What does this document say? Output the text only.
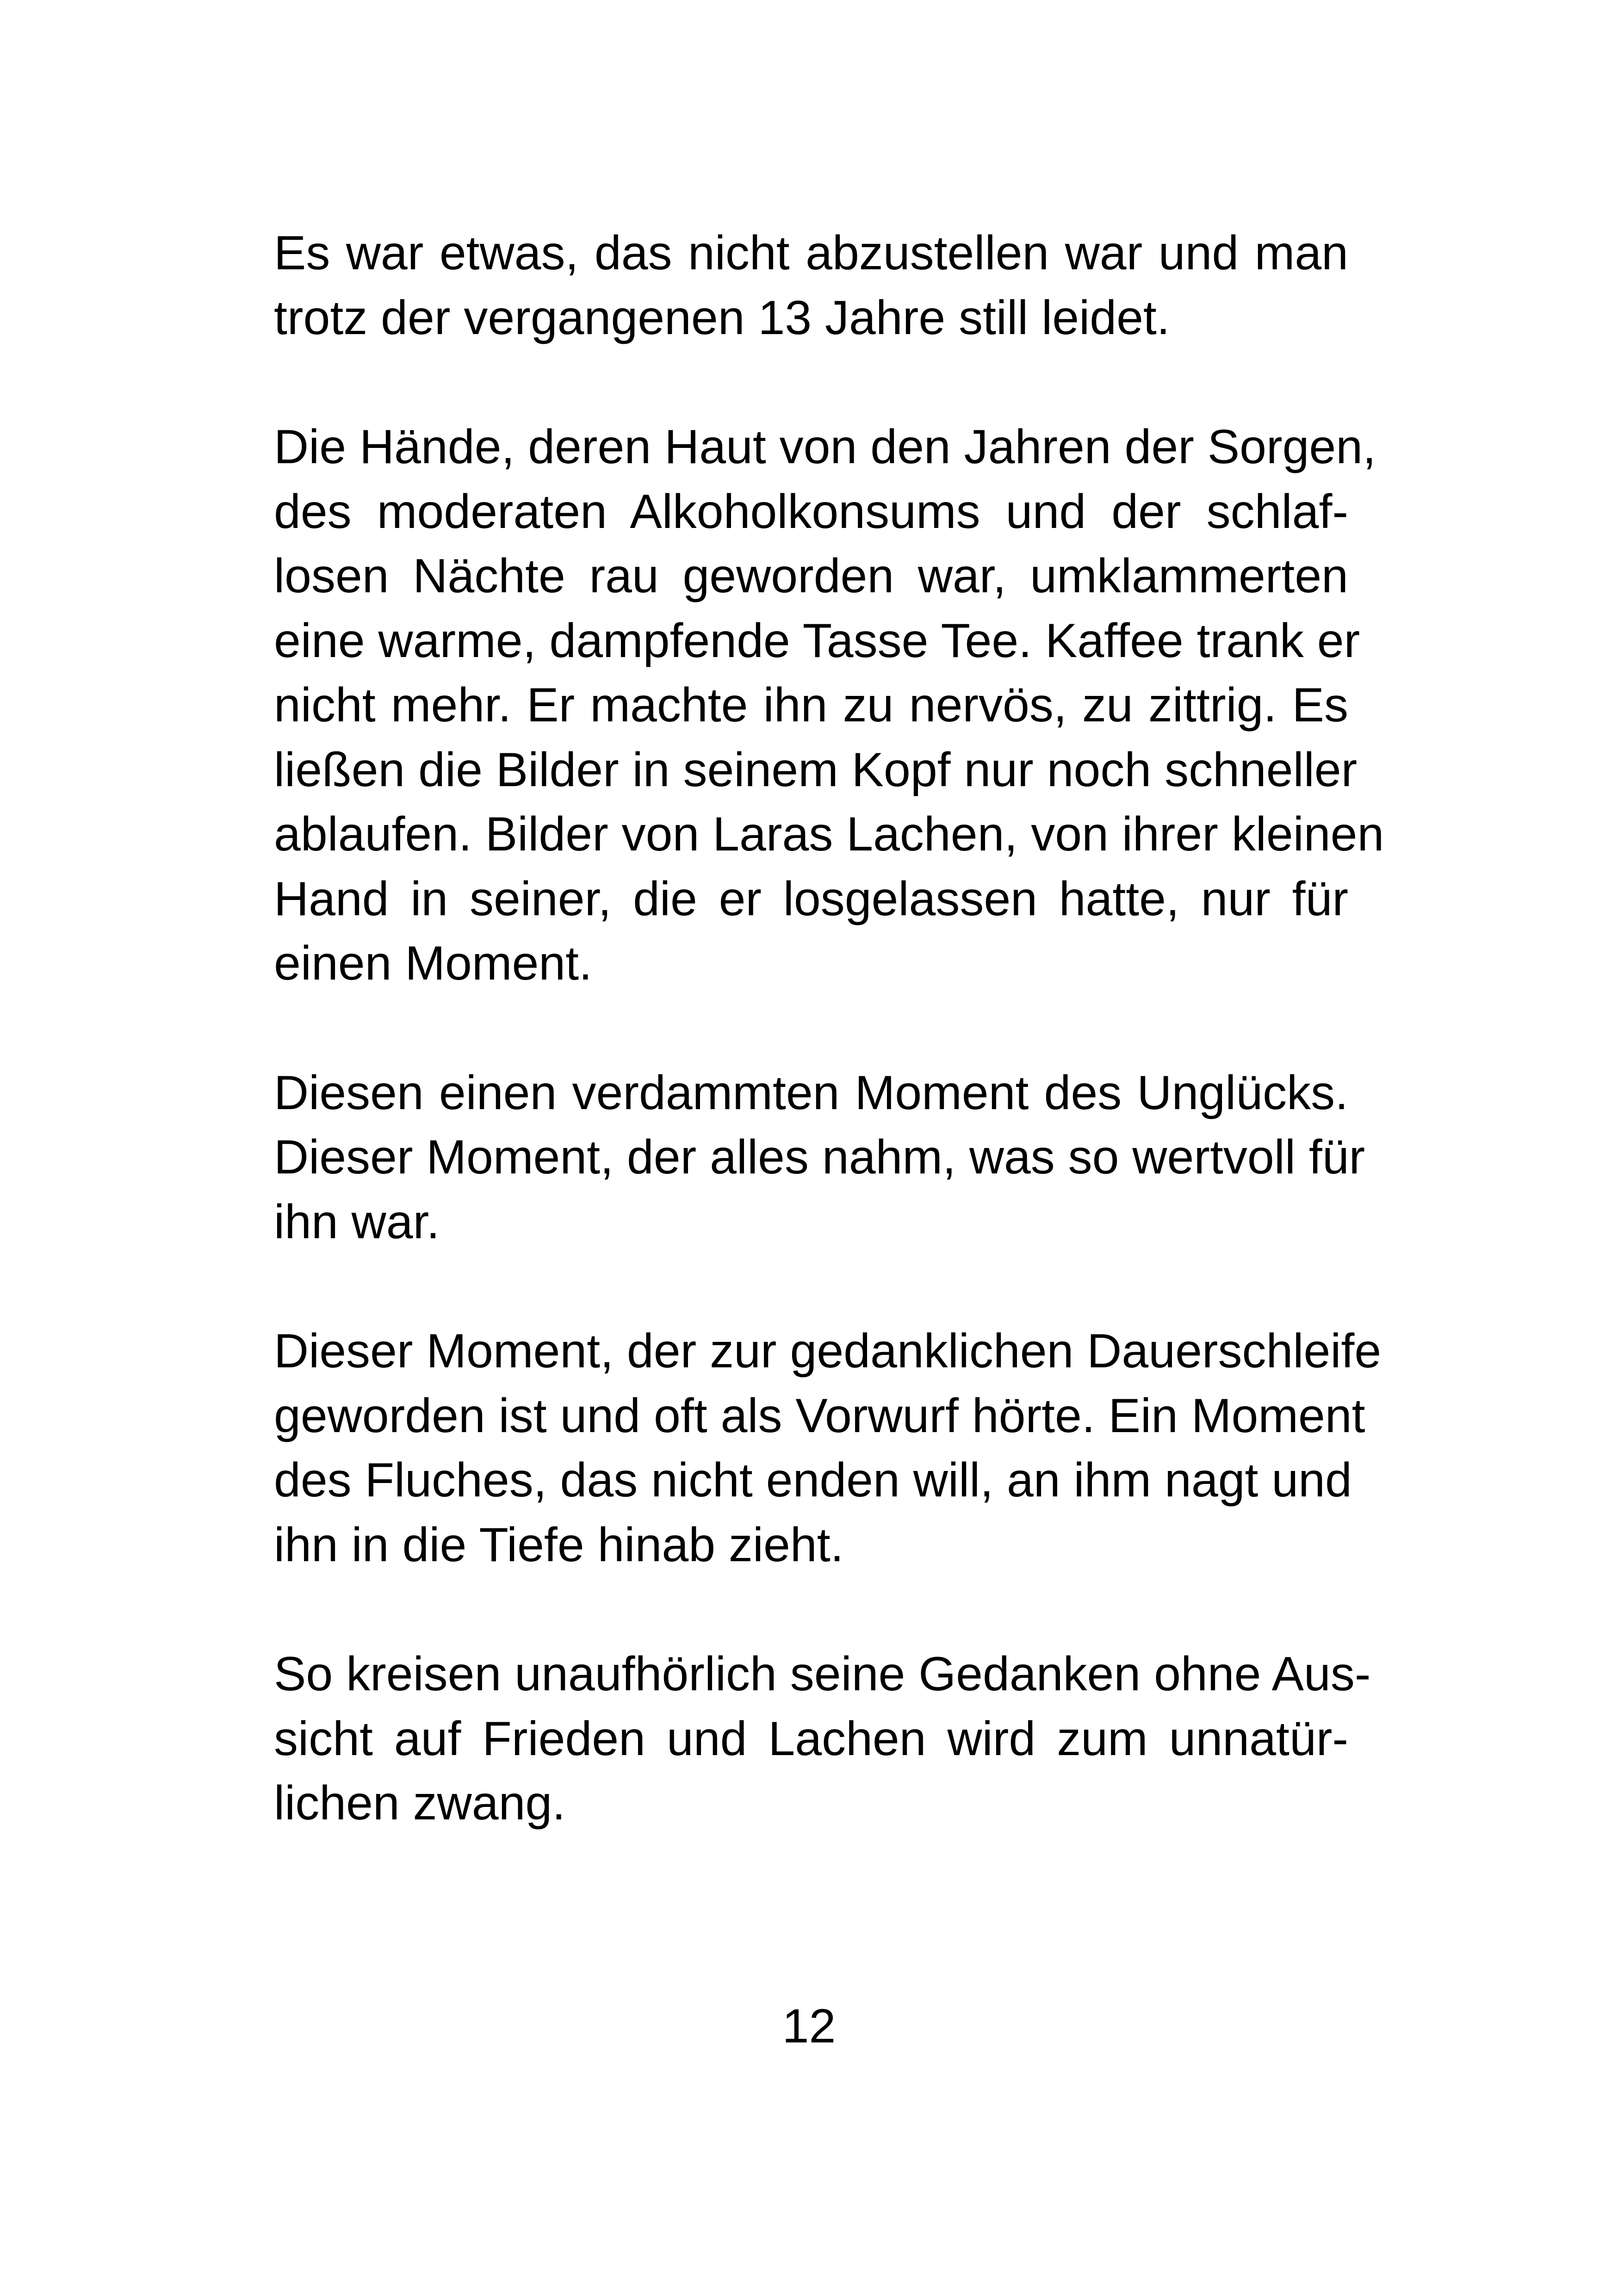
Es war etwas, das nicht abzustellen war und man
trotz der vergangenen 13 Jahre still leidet.

Die Hände, deren Haut von den Jahren der Sorgen,
des moderaten Alkoholkonsums und der schlaf-
losen Nächte rau geworden war, umklammerten
eine warme, dampfende Tasse Tee. Kaffee trank er
nicht mehr. Er machte ihn zu nervös, zu zittrig. Es
ließen die Bilder in seinem Kopf nur noch schneller
ablaufen. Bilder von Laras Lachen, von ihrer kleinen
Hand in seiner, die er losgelassen hatte, nur für
einen Moment.

Diesen einen verdammten Moment des Unglücks.
Dieser Moment, der alles nahm, was so wertvoll für
ihn war.

Dieser Moment, der zur gedanklichen Dauerschleife
geworden ist und oft als Vorwurf hörte. Ein Moment
des Fluches, das nicht enden will, an ihm nagt und
ihn in die Tiefe hinab zieht.

So kreisen unaufhörlich seine Gedanken ohne Aus-
sicht auf Frieden und Lachen wird zum unnatür-
lichen zwang.

12
